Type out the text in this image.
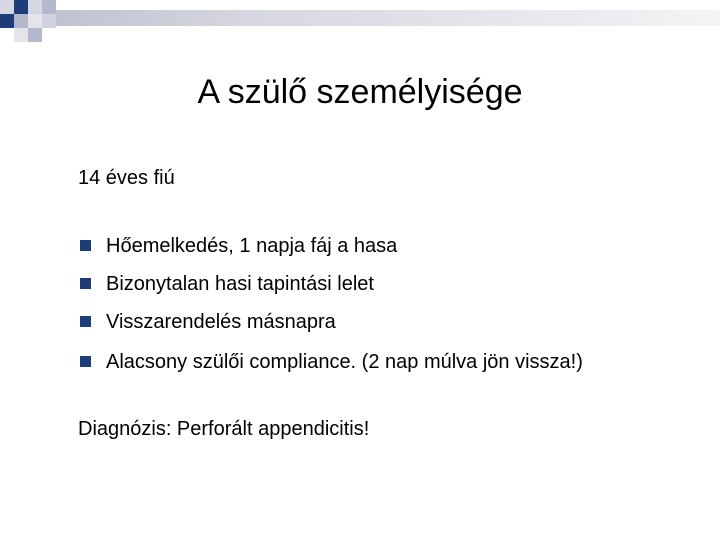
A szülő személyisége
14 éves fiú
Hőemelkedés, 1 napja fáj a hasa
Bizonytalan hasi tapintási lelet
Visszarendelés másnapra
Alacsony szülői compliance. (2 nap múlva jön vissza!)
Diagnózis: Perforált appendicitis!
